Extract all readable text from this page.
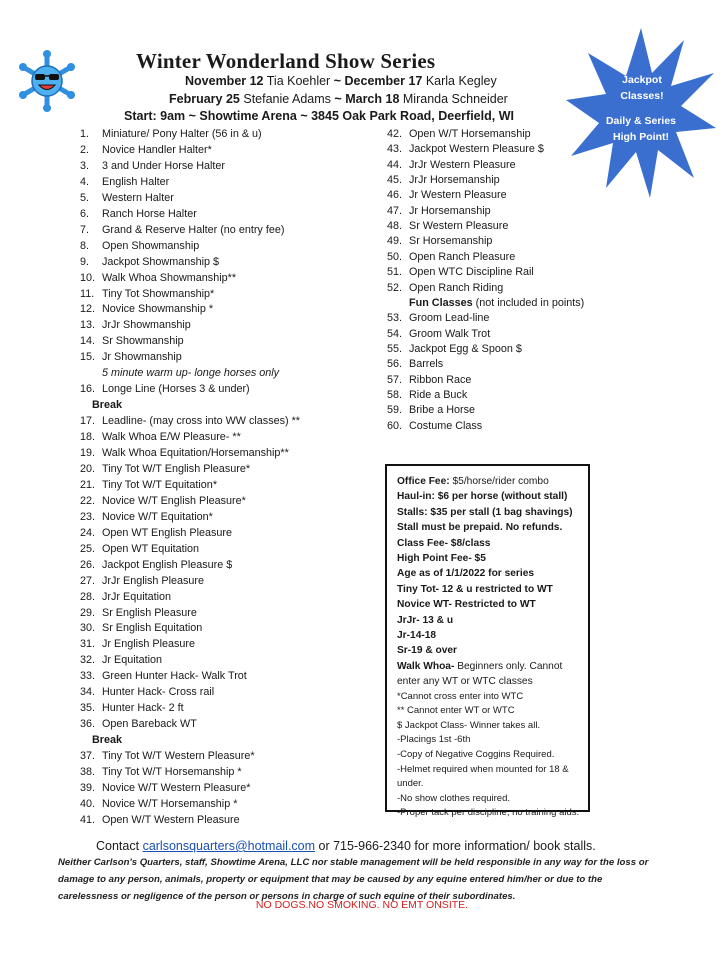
Jackpot
Classes!
Daily & Series
High Point!
Winter Wonderland Show Series
November 12 Tia Koehler ~ December 17 Karla Kegley
February 25 Stefanie Adams ~ March 18 Miranda Schneider
Start: 9am ~ Showtime Arena ~ 3845 Oak Park Road, Deerfield, WI
1. Miniature/ Pony Halter (56 in & u)
2. Novice Handler Halter*
3. 3 and Under Horse Halter
4. English Halter
5. Western Halter
6. Ranch Horse Halter
7. Grand & Reserve Halter (no entry fee)
8. Open Showmanship
9. Jackpot Showmanship $
10. Walk Whoa Showmanship**
11. Tiny Tot Showmanship*
12. Novice Showmanship *
13. JrJr Showmanship
14. Sr Showmanship
15. Jr Showmanship
5 minute warm up- longe horses only
16. Longe Line (Horses 3 & under)
Break
17. Leadline- (may cross into WW classes) **
18. Walk Whoa E/W Pleasure- **
19. Walk Whoa Equitation/Horsemanship**
20. Tiny Tot W/T English Pleasure*
21. Tiny Tot W/T Equitation*
22. Novice W/T English Pleasure*
23. Novice W/T Equitation*
24. Open WT English Pleasure
25. Open WT Equitation
26. Jackpot English Pleasure $
27. JrJr English Pleasure
28. JrJr Equitation
29. Sr English Pleasure
30. Sr English Equitation
31. Jr English Pleasure
32. Jr Equitation
33. Green Hunter Hack- Walk Trot
34. Hunter Hack- Cross rail
35. Hunter Hack- 2 ft
36. Open Bareback WT
Break
37. Tiny Tot W/T Western Pleasure*
38. Tiny Tot W/T Horsemanship *
39. Novice W/T Western Pleasure*
40. Novice W/T Horsemanship *
41. Open W/T Western Pleasure
42. Open W/T Horsemanship
43. Jackpot Western Pleasure $
44. JrJr Western Pleasure
45. JrJr Horsemanship
46. Jr Western Pleasure
47. Jr Horsemanship
48. Sr Western Pleasure
49. Sr Horsemanship
50. Open Ranch Pleasure
51. Open WTC Discipline Rail
52. Open Ranch Riding
Fun Classes (not included in points)
53. Groom Lead-line
54. Groom Walk Trot
55. Jackpot Egg & Spoon $
56. Barrels
57. Ribbon Race
58. Ride a Buck
59. Bribe a Horse
60. Costume Class
Office Fee: $5/horse/rider combo
Haul-in: $6 per horse (without stall)
Stalls: $35 per stall (1 bag shavings)
Stall must be prepaid. No refunds.
Class Fee- $8/class
High Point Fee- $5
Age as of 1/1/2022 for series
Tiny Tot- 12 & u restricted to WT
Novice WT- Restricted to WT
JrJr- 13 & u
Jr-14-18
Sr-19 & over
Walk Whoa- Beginners only. Cannot enter any WT or WTC classes
*Cannot cross enter into WTC
** Cannot enter WT or WTC
$ Jackpot Class- Winner takes all.
-Placings 1st -6th
-Copy of Negative Coggins Required.
-Helmet required when mounted for 18 & under.
-No show clothes required.
-Proper tack per discipline, no training aids.
Contact carlsonsquarters@hotmail.com or 715-966-2340 for more information/ book stalls.
Neither Carlson's Quarters, staff, Showtime Arena, LLC nor stable management will be held responsible in any way for the loss or damage to any person, animals, property or equipment that may be caused by any equine entered him/her or due to the carelessness or negligence of the person or persons in charge of such equine of their subordinates.
NO DOGS.NO SMOKING. NO EMT ONSITE.
